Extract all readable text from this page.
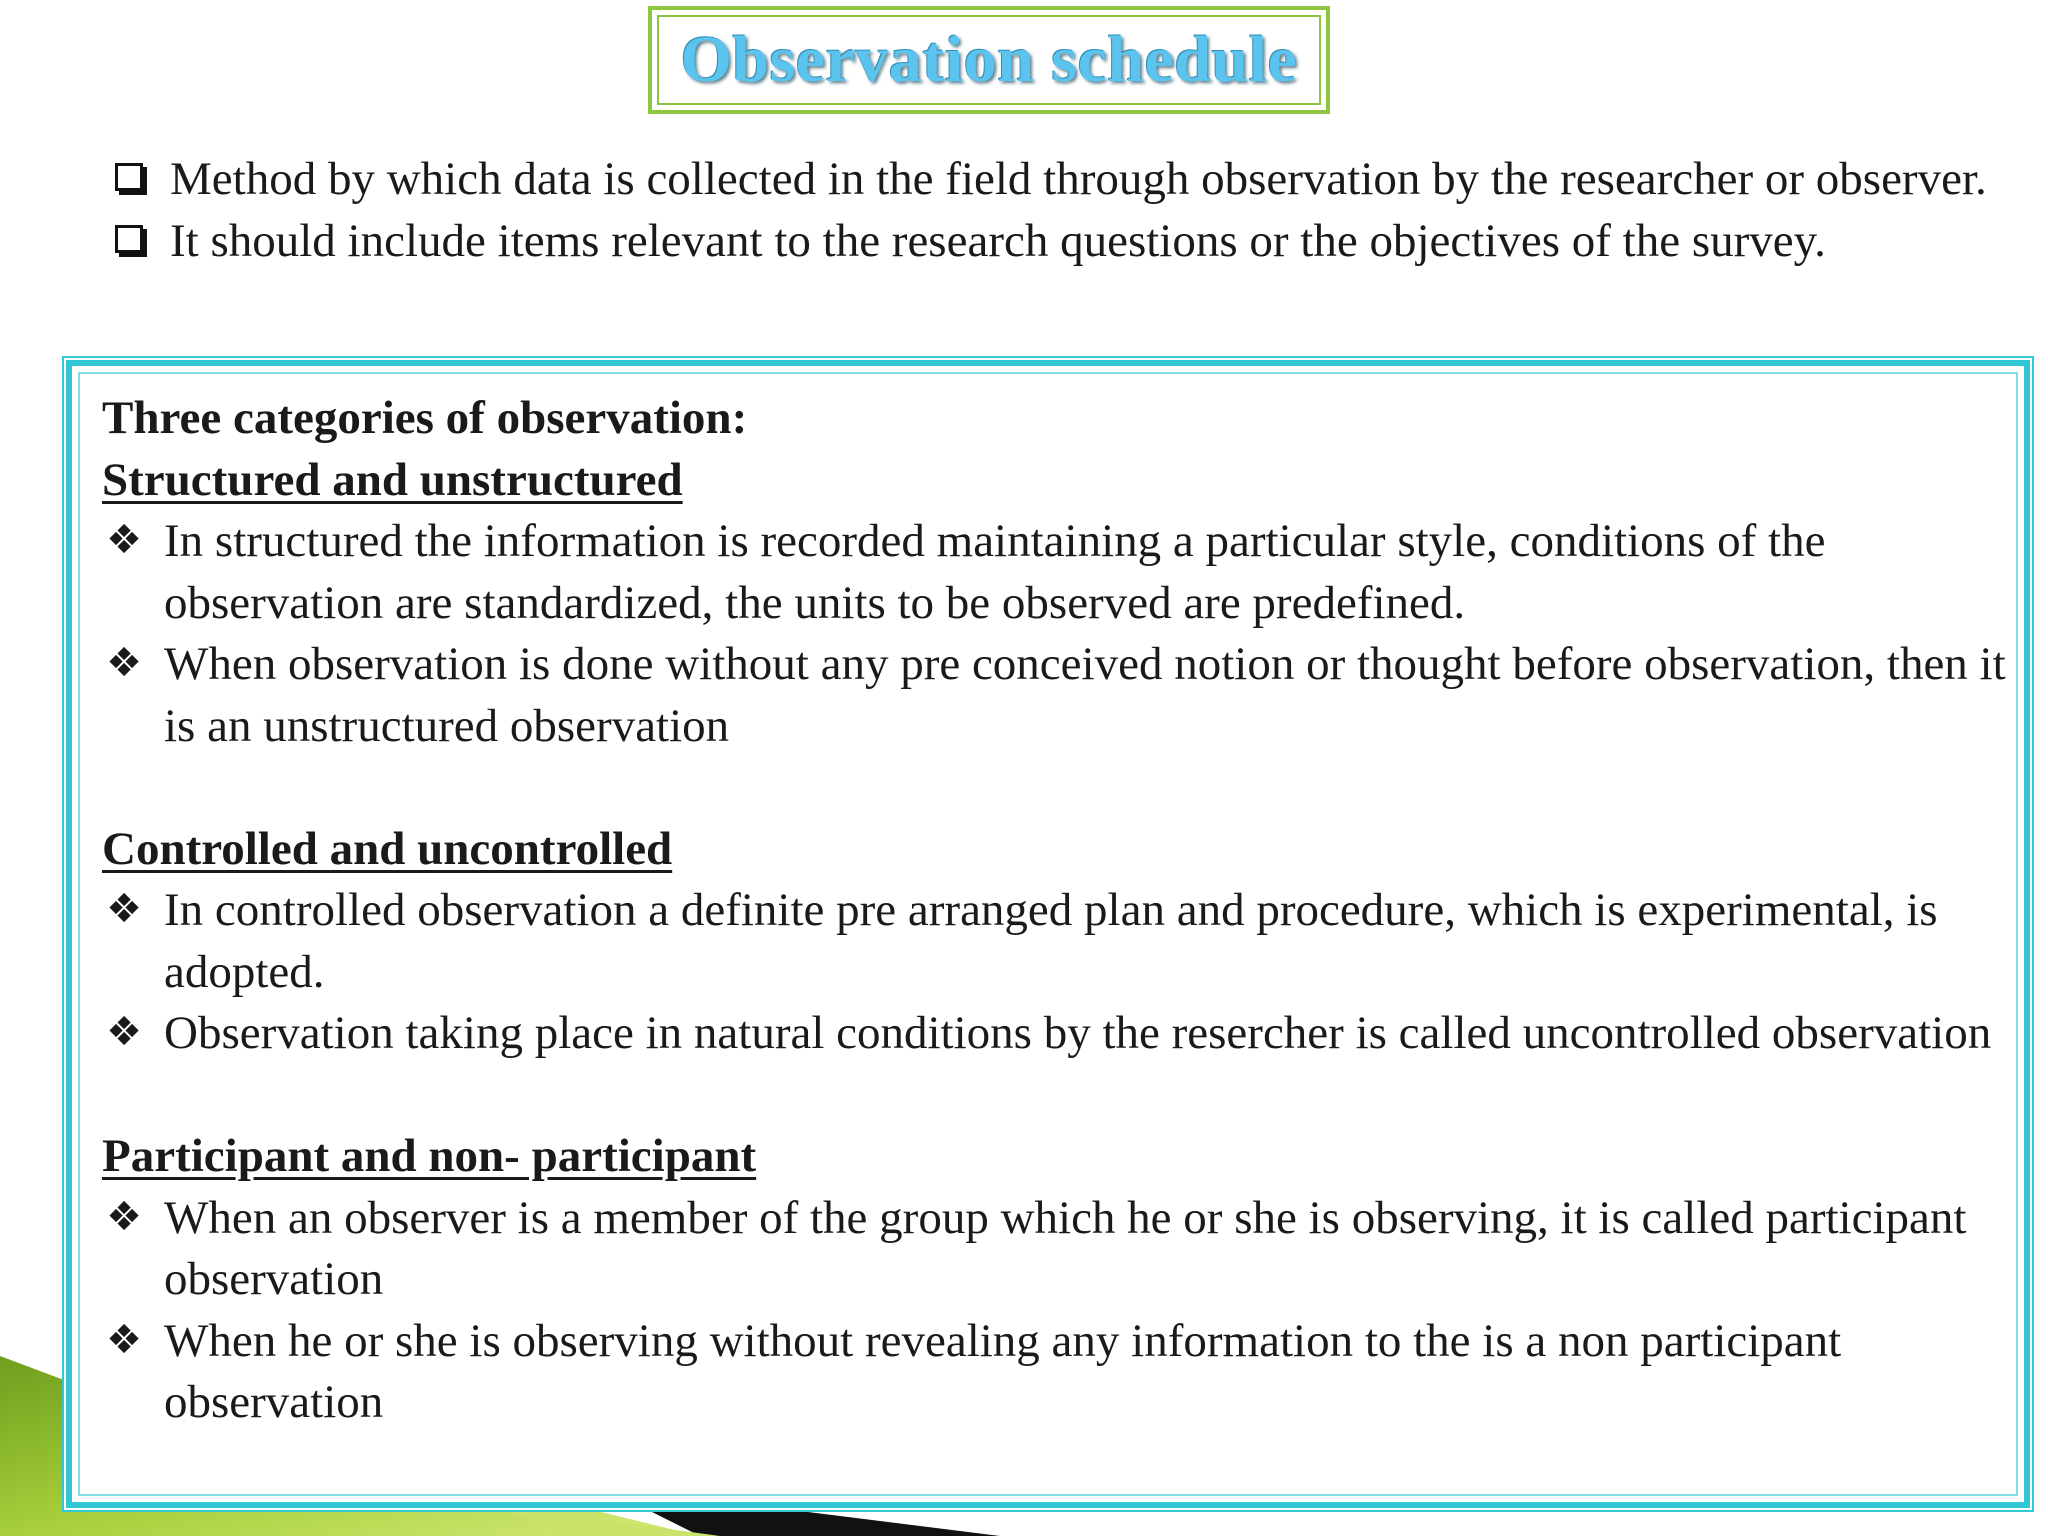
Observation schedule
Method by which data is collected in the field through observation by the researcher or observer.
It should include items relevant to the research questions or the objectives of the survey.

Three categories of observation:

Structured and unstructured

❖ In structured the information is recorded maintaining a particular style, conditions of the observation are standardized, the units to be observed are predefined.
❖ When observation is done without any pre conceived notion or thought before observation, then it is an unstructured observation

Controlled and uncontrolled

❖ In controlled observation a definite pre arranged plan and procedure, which is experimental, is adopted.
❖ Observation taking place in natural conditions by the resercher is called uncontrolled observation

Participant and non- participant

❖ When an observer is a member of the group which he or she is observing, it is called participant observation
❖ When he or she is observing without revealing any information to the is a non participant observation
